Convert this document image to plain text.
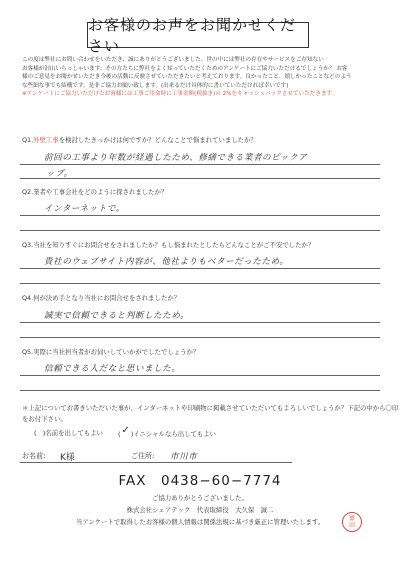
お客様のお声をお聞かせください
この度は弊社にお問い合わせをいただき、誠にありがとうございました。世の中には弊社の存在やサービスをご存知ない
お客様が沢山いらっしゃいます。その方たちに弊社をよく知っていただくためのアンケートにご協力いただけるでしょうか？ お客
様のご意見をお聞かせいただき今後の活動に反映させていただきたいと考えております。良かったこと、嬉しかったことなどのよう
な些細な事でも結構です。是非ご協力お願い致します。(出来るだけ具体的に書いていただければ幸いです)
※アンケートにご協力いただけたお客様には工事ご用命時に工事金額(税抜き)の 2%をキャッシュバックさせていただきます。
Q1.外壁工事を検討したきっかけは何ですか？どんなことで悩まれていましたか？
前回の工事より年数が経過したため、修繕できる業者のピックア
ップ。
Q2.業者や工事会社をどのように探されましたか？
インターネットで。
Q3.当社を知りすぐにお問合せをされましたか？もし悩まれたとしたらどんなことがご不安でしたか？
貴社のウェブサイト内容が、他社よりもベターだったため。
Q4.何が決め手となり当社にお問合せをされましたか？
誠実で信頼できると判断したため。
Q5.実際に当社担当者がお伺いしていかがでしたでしょうか？
信頼できる人だなと思いました。
＊上記についてお書きいただいた事が、インターネットや印刷物に掲載させていただいてもよろしいでしょうか？下記の中から〇印
をお付下さい。
(　)名前を出してもよい (✓)イニシャルなら出してもよい
お名前: K様	ご住所: 市川市
FAX　0438−60−7774
ご協力ありがとうございました。
株式会社シェアテック　代表取締役　大久保　誠二
当アンケートで取得したお客様の個人情報は関係法規に基づき厳正に管理いたします。	富
田
